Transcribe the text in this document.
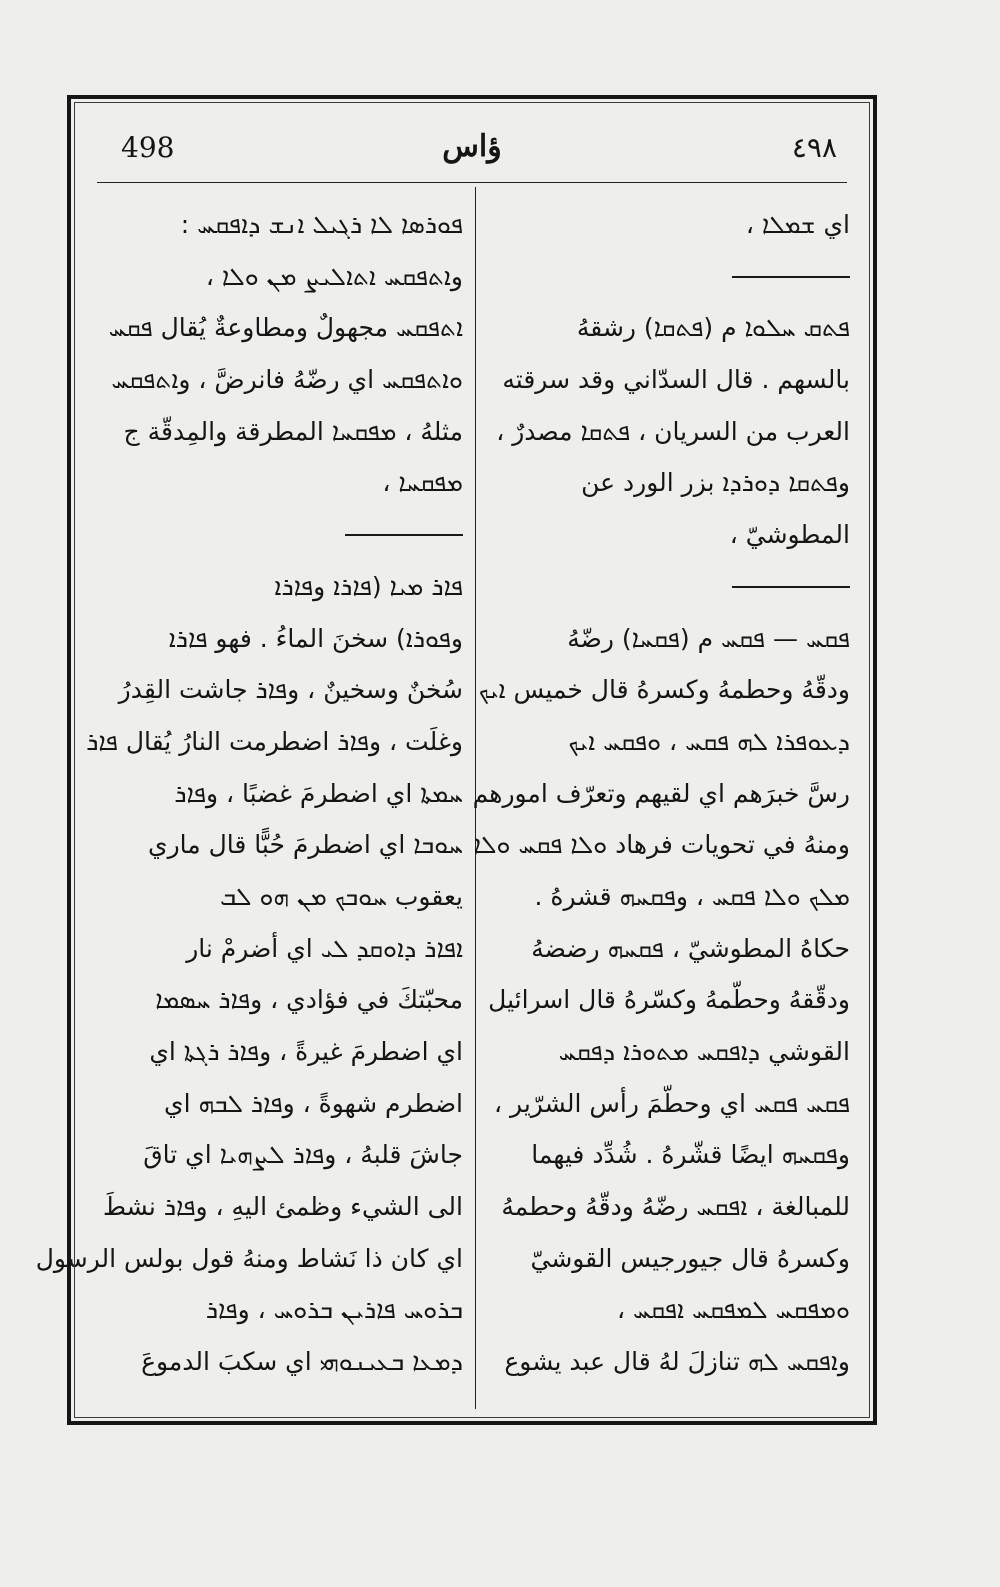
498	ؤاس	٤٩٨
اي ܫܡܠܐ ،
ܦܬܩ ܚܠܘܐ م (ܦܬܩܐ) رشقهُ
بالسهم . قال السدّاني وقد سرقته
العرب من السريان ، ܦܬܩܐ مصدرٌ ،
وܦܬܩܐ ܕܘܪܕܐ بزر الورد عن
المطوشيّ ،
ܦܩܚ — ܦܩܚ م (ܦܩܚܐ) رضّهُ
ودقّهُ وحطمهُ وكسرهُ قال خميس ܐܝܟ
ܕܥܘܦܪܐ ܠܗ ܦܩܚ ، ܘܦܩܚ ܐܝܟ
رسَّ خبرَهم اي لقيهم وتعرّف امورهم
ومنهُ في تحويات فرهاد ܘܠܐ ܦܩܚ ܘܠܐ
ܡܠܟ ܘܠܐ ܦܩܚ ، وܦܩܚܗ قشرهُ .
حكاهُ المطوشيّ ، ܦܩܚܗ رضضهُ
ودقّقهُ وحطّمهُ وكسّرهُ قال اسرائيل
القوشي ܕܐܦܩܚ ܡܬܘܪܐ ܕܦܩܚ
ܦܩܚ ܦܩܚ اي وحطّمَ رأس الشرّير ،
وܦܩܚܗ ايضًا قشّرهُ . شُدِّد فيهما
للمبالغة ، ܐܦܩܚ رضّهُ ودقّهُ وحطمهُ
وكسرهُ قال جيورجيس القوشيّ
ܘܡܦܩܚ ܠܡܦܩܚ ܐܦܩܚ ،
وܐܦܩܚ ܠܗ تنازلَ لهُ قال عبد يشوع
ܦܘܪܣܐ ܠܐ ܪܓܝܠ ܐܢܫ ܕܐܦܩܚ :
وܐܬܦܩܚ ܐܬܐܠܝܨ ܡܢ ܘܠܐ ،
ܐܬܦܩܚ مجهولٌ ومطاوعةٌ يُقال ܦܩܚ
ܘܐܬܦܩܚ اي رضّهُ فانرضَّ ، وܐܬܦܩܚ
مثلهُ ، ܡܦܩܚܐ المطرقة والمِدقّة ج
ܡܦܩܚܐ ،
ܦܐܪ ܡܝܐ (ܦܐܪܐ وܦܐܪܐ
وܦܘܪܐ) سخنَ الماءُ . فهو ܦܐܪܐ
سُخنٌ وسخينٌ ، وܦܐܪ جاشت القِدرُ
وغلَت ، وܦܐܪ اضطرمت النارُ يُقال ܦܐܪ
ܚܡܬܐ اي اضطرمَ غضبًا ، وܦܐܪ
ܚܘܒܐ اي اضطرمَ حُبًّا قال ماري
يعقوب ܚܘܒܟ ܡܢ ܗܘ ܠܒ
ܐܦܐܪ ܕܐܘܩܕ ܠܝ اي أضرمْ نار
محبّتكَ في فؤادي ، وܦܐܪ ܚܣܡܐ
اي اضطرمَ غيرةً ، وܦܐܪ ܪܓܬܐ اي
اضطرم شهوةً ، وܦܐܪ ܠܒܗ اي
جاشَ قلبهُ ، وܦܐܪ ܠܨܗܝܐ اي تاقَ
الى الشيء وظمئ اليهِ ، وܦܐܪ نشطَ
اي كان ذا نَشاط ومنهُ قول بولس الرسول
ܒܪܘܚ ܦܐܪܝܢ ܒܪܘܚ ، وܦܐܪ
ܕܡܥܐ ܒܥܝܢܘܗܝ اي سكبَ الدموعَ
